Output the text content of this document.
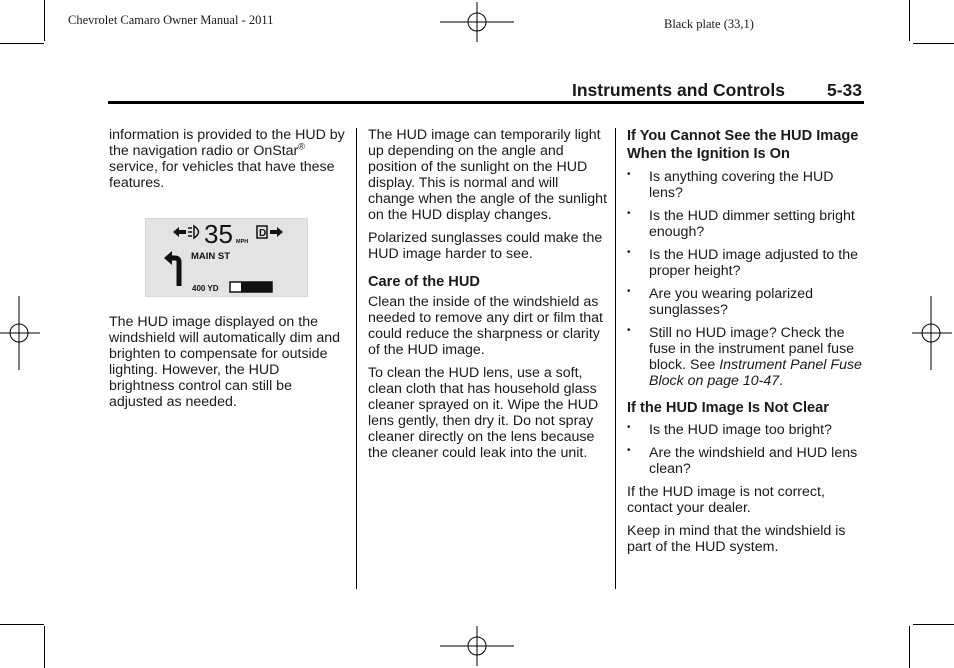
Chevrolet Camaro Owner Manual - 2011	Black plate (33,1)
Instruments and Controls 5-33

information is provided to the HUD by the navigation radio or OnStar® service, for vehicles that have these features.

35 MPH
D
MAIN ST
400 YD

The HUD image displayed on the windshield will automatically dim and brighten to compensate for outside lighting. However, the HUD brightness control can still be adjusted as needed.

The HUD image can temporarily light up depending on the angle and position of the sunlight on the HUD display. This is normal and will change when the angle of the sunlight on the HUD display changes.

Polarized sunglasses could make the HUD image harder to see.

Care of the HUD

Clean the inside of the windshield as needed to remove any dirt or film that could reduce the sharpness or clarity of the HUD image.

To clean the HUD lens, use a soft, clean cloth that has household glass cleaner sprayed on it. Wipe the HUD lens gently, then dry it. Do not spray cleaner directly on the lens because the cleaner could leak into the unit.

If You Cannot See the HUD Image When the Ignition Is On
•	Is anything covering the HUD lens?
•	Is the HUD dimmer setting bright enough?
•	Is the HUD image adjusted to the proper height?
•	Are you wearing polarized sunglasses?
•	Still no HUD image? Check the fuse in the instrument panel fuse block. See Instrument Panel Fuse Block on page 10-47.
If the HUD Image Is Not Clear
•	Is the HUD image too bright?
•	Are the windshield and HUD lens clean?

If the HUD image is not correct, contact your dealer.

Keep in mind that the windshield is part of the HUD system.
